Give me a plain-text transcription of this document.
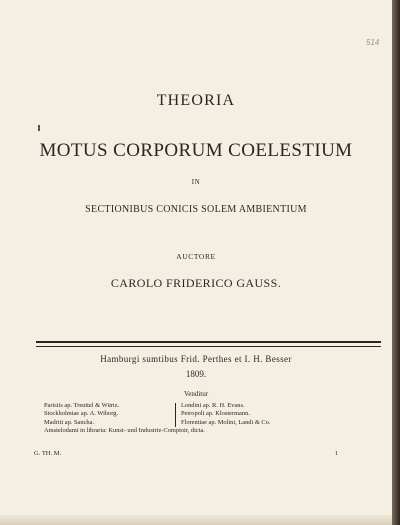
514
THEORIA
MOTUS CORPORUM COELESTIUM
IN
SECTIONIBUS CONICIS SOLEM AMBIENTIUM
AUCTORE
CAROLO FRIDERICO GAUSS.
Hamburgi sumtibus Frid. Perthes et I. H. Besser
1809.
Venditur
Parisiis ap. Treuttel & Würtz.
Stockholmiae ap. A. Wiborg.
Madriti ap. Sancha.
Londini ap. R. H. Evans.
Petropoli ap. Klostermann.
Florentiae ap. Molini, Landi & Co.
Amstelodami in libraria: Kunst- und Industrie-Comptoir, dicta.
G. TH. M.	1
